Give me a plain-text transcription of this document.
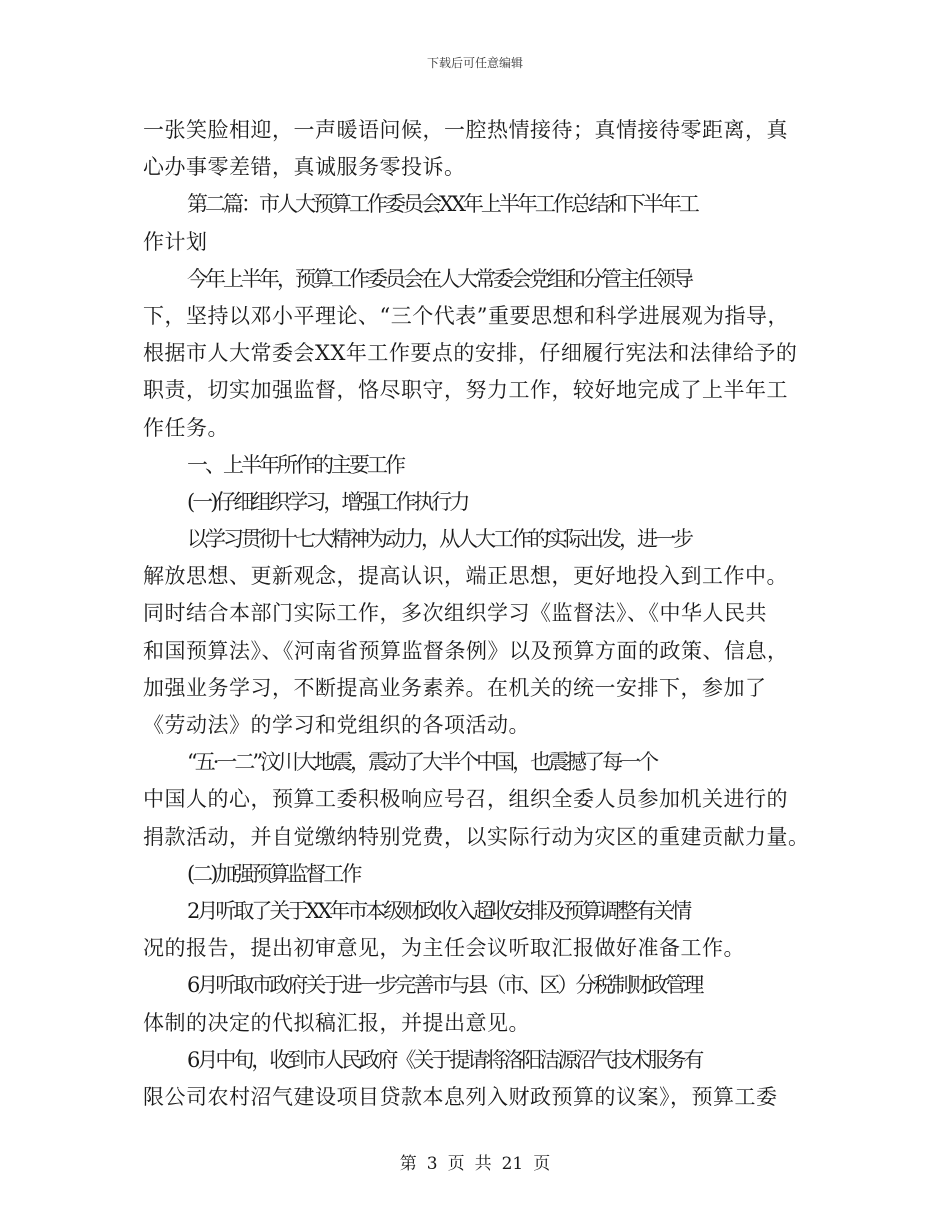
下载后可任意编辑
一张笑脸相迎，一声暖语问候，一腔热情接待；真情接待零距离，真
心办事零差错，真诚服务零投诉。
第二篇：市人大预算工作委员会XX年上半年工作总结和下半年工
作计划
今年上半年，预算工作委员会在人大常委会党组和分管主任领导
下，坚持以邓小平理论、“三个代表”重要思想和科学进展观为指导，
根据市人大常委会XX年工作要点的安排，仔细履行宪法和法律给予的
职责，切实加强监督，恪尽职守，努力工作，较好地完成了上半年工
作任务。
一、上半年所作的主要工作
(一)仔细组织学习，增强工作执行力
以学习贯彻十七大精神为动力，从人大工作的实际出发，进一步
解放思想、更新观念，提高认识，端正思想，更好地投入到工作中。
同时结合本部门实际工作，多次组织学习《监督法》、《中华人民共
和国预算法》、《河南省预算监督条例》以及预算方面的政策、信息，
加强业务学习，不断提高业务素养。在机关的统一安排下，参加了
《劳动法》的学习和党组织的各项活动。
“五·一二”汶川大地震，震动了大半个中国，也震撼了每一个
中国人的心，预算工委积极响应号召，组织全委人员参加机关进行的
捐款活动，并自觉缴纳特别党费，以实际行动为灾区的重建贡献力量。
(二)加强预算监督工作
2月听取了关于XX年市本级财政收入超收安排及预算调整有关情
况的报告，提出初审意见，为主任会议听取汇报做好准备工作。
6月听取市政府关于进一步完善市与县（市、区）分税制财政管理
体制的决定的代拟稿汇报，并提出意见。
6月中旬，收到市人民政府《关于提请将洛阳洁源沼气技术服务有
限公司农村沼气建设项目贷款本息列入财政预算的议案》，预算工委
第 3 页 共 21 页
